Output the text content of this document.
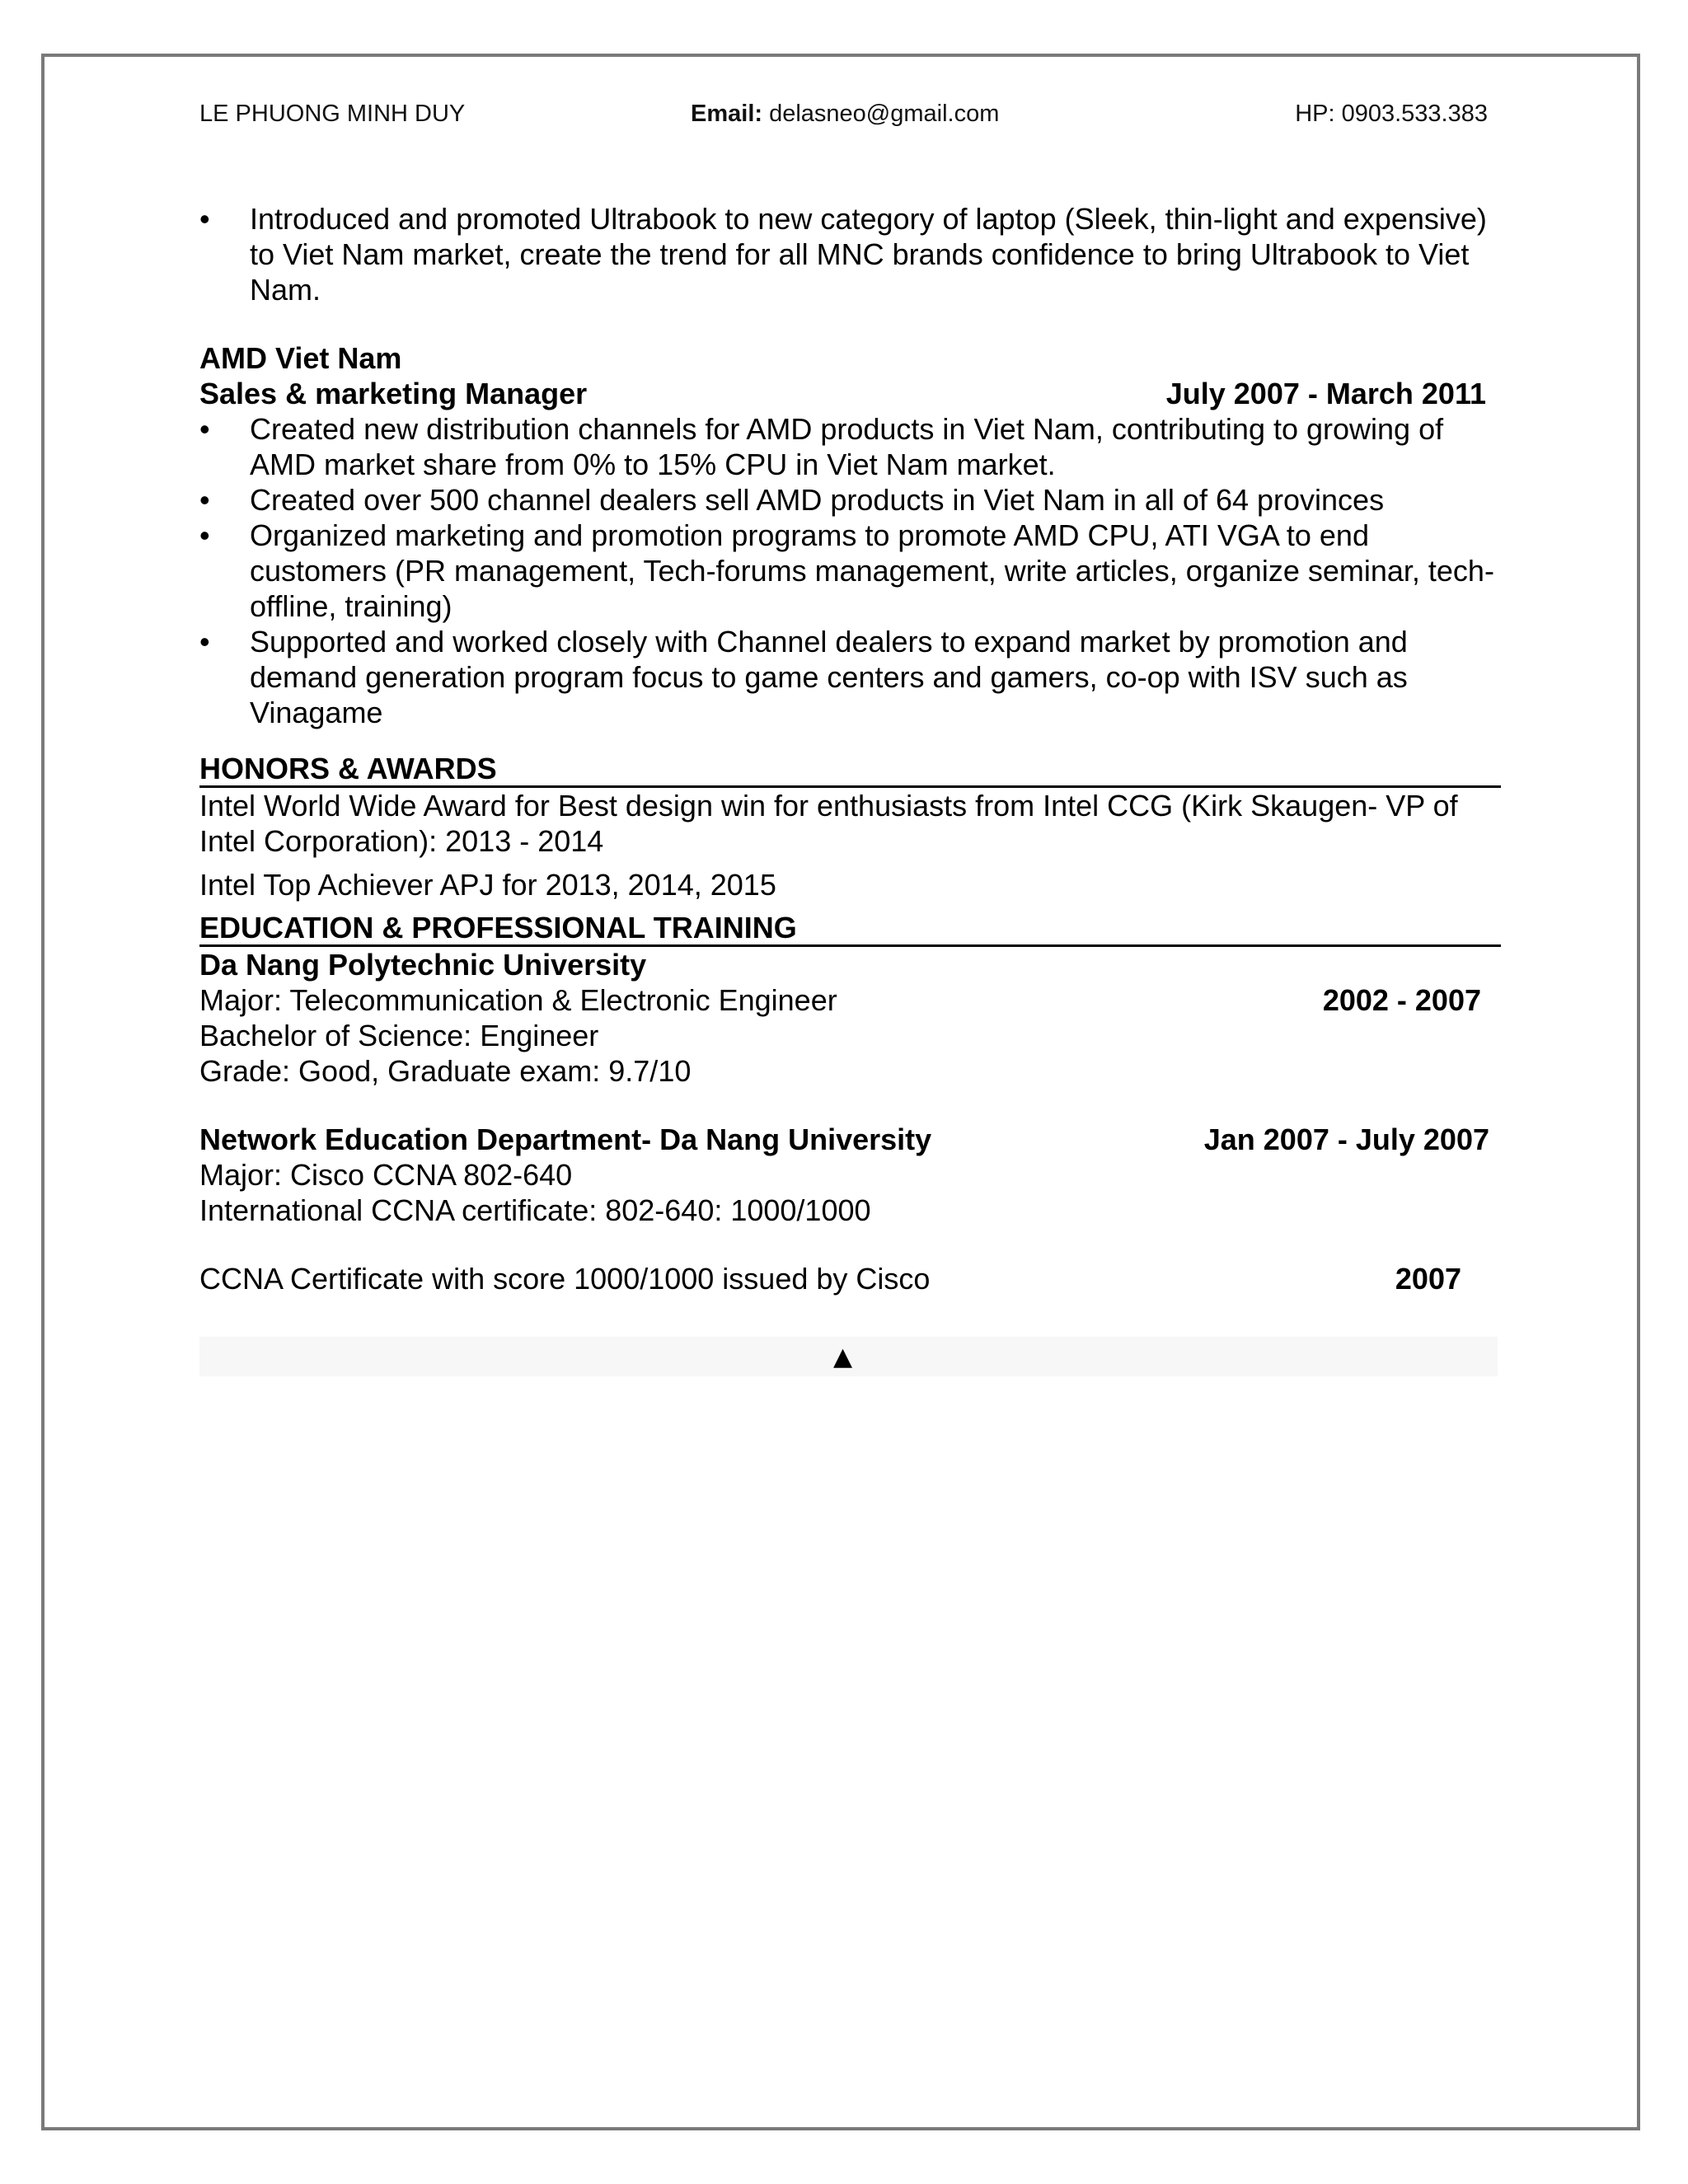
LE PHUONG MINH DUY	Email: delasneo@gmail.com	HP: 0903.533.383
• Introduced and promoted Ultrabook to new category of laptop (Sleek, thin-light and expensive) to Viet Nam market, create the trend for all MNC brands confidence to bring Ultrabook to Viet Nam.
AMD Viet Nam
Sales & marketing Manager	July 2007 - March 2011
• Created new distribution channels for AMD products in Viet Nam, contributing to growing of AMD market share from 0% to 15% CPU in Viet Nam market.
• Created over 500 channel dealers sell AMD products in Viet Nam in all of 64 provinces
• Organized marketing and promotion programs to promote AMD CPU, ATI VGA to end customers (PR management, Tech-forums management, write articles, organize seminar, tech-offline, training)
• Supported and worked closely with Channel dealers to expand market by promotion and demand generation program focus to game centers and gamers, co-op with ISV such as Vinagame
HONORS & AWARDS
Intel World Wide Award for Best design win for enthusiasts from Intel CCG (Kirk Skaugen- VP of Intel Corporation): 2013 - 2014
Intel Top Achiever APJ for 2013, 2014, 2015
EDUCATION & PROFESSIONAL TRAINING
Da Nang Polytechnic University
Major: Telecommunication & Electronic Engineer	2002 - 2007
Bachelor of Science: Engineer
Grade: Good, Graduate exam: 9.7/10
Network Education Department- Da Nang University	Jan 2007 - July 2007
Major: Cisco CCNA 802-640
International CCNA certificate: 802-640: 1000/1000
CCNA Certificate with score 1000/1000 issued by Cisco	2007
▲
